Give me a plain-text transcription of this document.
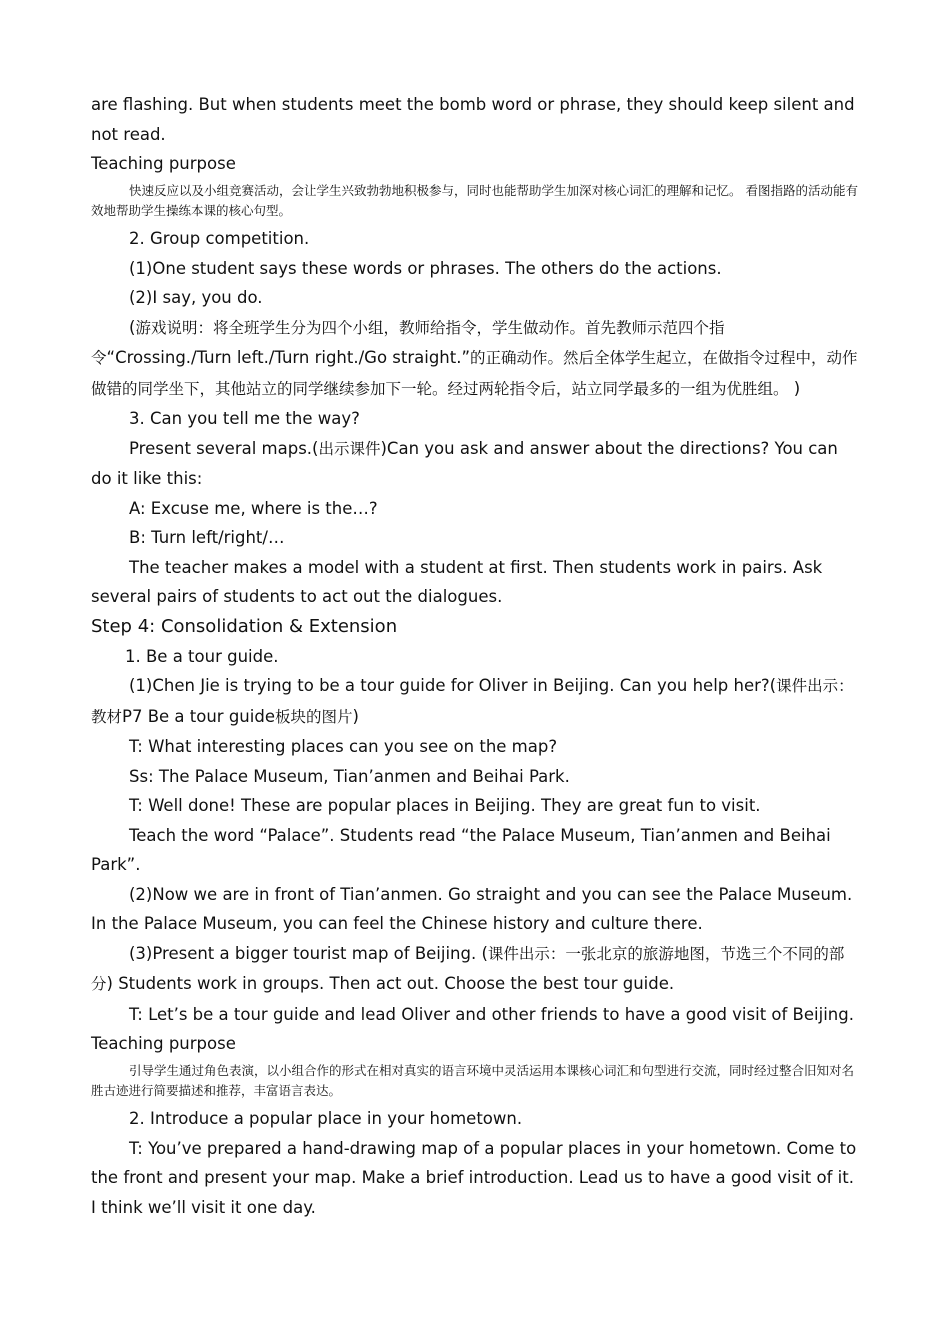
are flashing. But when students meet the bomb word or phrase, they should keep silent and not read.

Teaching purpose

快速反应以及小组竞赛活动，会让学生兴致勃勃地积极参与，同时也能帮助学生加深对核心词汇的理解和记忆。 看图指路的活动能有效地帮助学生操练本课的核心句型。

2. Group competition.

(1)One student says these words or phrases. The others do the actions.

(2)I say, you do.

(游戏说明：将全班学生分为四个小组，教师给指令，学生做动作。首先教师示范四个指令“Crossing./Turn left./Turn right./Go straight.”的正确动作。然后全体学生起立，在做指令过程中，动作做错的同学坐下，其他站立的同学继续参加下一轮。经过两轮指令后，站立同学最多的一组为优胜组。 )

3. Can you tell me the way?

Present several maps.(出示课件)Can you ask and answer about the directions? You can do it like this:

A: Excuse me, where is the…?

B: Turn left/right/…

The teacher makes a model with a student at first. Then students work in pairs. Ask several pairs of students to act out the dialogues.

Step 4: Consolidation & Extension

1. Be a tour guide.

(1)Chen Jie is trying to be a tour guide for Oliver in Beijing. Can you help her?(课件出示：教材P7 Be a tour guide板块的图片)

T: What interesting places can you see on the map?

Ss: The Palace Museum, Tian’anmen and Beihai Park.

T: Well done! These are popular places in Beijing. They are great fun to visit.

Teach the word “Palace”. Students read “the Palace Museum, Tian’anmen and Beihai Park”.

(2)Now we are in front of Tian’anmen. Go straight and you can see the Palace Museum. In the Palace Museum, you can feel the Chinese history and culture there.

(3)Present a bigger tourist map of Beijing. (课件出示：一张北京的旅游地图，节选三个不同的部分) Students work in groups. Then act out. Choose the best tour guide.

T: Let’s be a tour guide and lead Oliver and other friends to have a good visit of Beijing.

Teaching purpose

引导学生通过角色表演，以小组合作的形式在相对真实的语言环境中灵活运用本课核心词汇和句型进行交流，同时经过整合旧知对名胜古迹进行简要描述和推荐，丰富语言表达。

2. Introduce a popular place in your hometown.

T: You’ve prepared a hand-drawing map of a popular places in your hometown. Come to the front and present your map. Make a brief introduction. Lead us to have a good visit of it. I think we’ll visit it one day.
